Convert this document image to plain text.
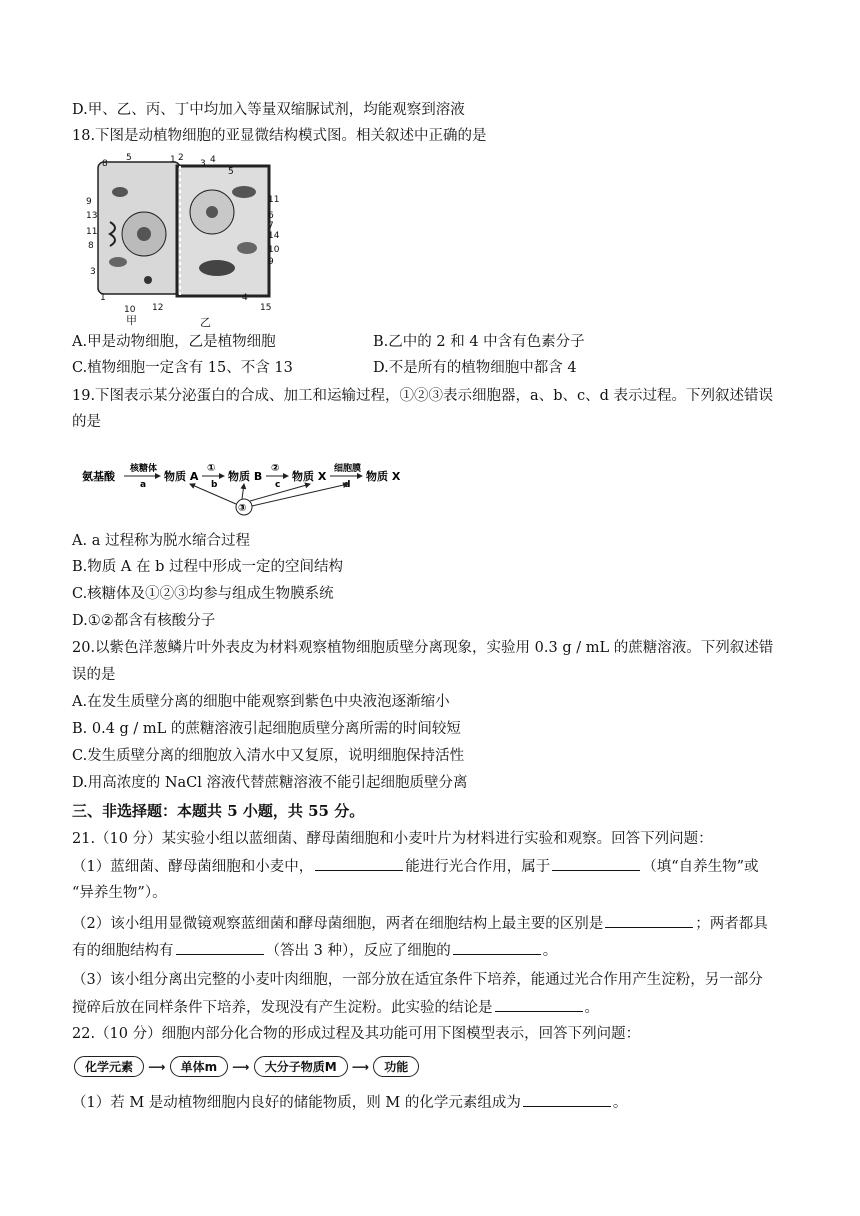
D.甲、乙、丙、丁中均加入等量双缩脲试剂，均能观察到溶液
18.下图是动植物细胞的亚显微结构模式图。相关叙述中正确的是
8
5
9
13
11
8
3
1
10 12
1 2
3 4
5
11
6
7
14
10
9
4
15
甲	乙
A.甲是动物细胞，乙是植物细胞	B.乙中的 2 和 4 中含有色素分子
C.植物细胞一定含有 15、不含 13	D.不是所有的植物细胞中都含 4
19.下图表示某分泌蛋白的合成、加工和运输过程，①②③表示细胞器，a、b、c、d 表示过程。下列叙述错误
的是
氨基酸
核糖体
a
物质 A
①
b
物质 B
②
c
物质 X
细胞膜
d
物质 X
③
A. a 过程称为脱水缩合过程
B.物质 A 在 b 过程中形成一定的空间结构
C.核糖体及①②③均参与组成生物膜系统
D.①②都含有核酸分子
20.以紫色洋葱鳞片叶外表皮为材料观察植物细胞质壁分离现象，实验用 0.3 g / mL 的蔗糖溶液。下列叙述错
误的是
A.在发生质壁分离的细胞中能观察到紫色中央液泡逐渐缩小
B. 0.4 g / mL 的蔗糖溶液引起细胞质壁分离所需的时间较短
C.发生质壁分离的细胞放入清水中又复原，说明细胞保持活性
D.用高浓度的 NaCl 溶液代替蔗糖溶液不能引起细胞质壁分离
三、非选择题：本题共 5 小题，共 55 分。
21.（10 分）某实验小组以蓝细菌、酵母菌细胞和小麦叶片为材料进行实验和观察。回答下列问题：
（1）蓝细菌、酵母菌细胞和小麦中，	能进行光合作用，属于	（填“自养生物”或
“异养生物”）。
（2）该小组用显微镜观察蓝细菌和酵母菌细胞，两者在细胞结构上最主要的区别是	；两者都具
有的细胞结构有	（答出 3 种），反应了细胞的	。
（3）该小组分离出完整的小麦叶肉细胞，一部分放在适宜条件下培养，能通过光合作用产生淀粉，另一部分
搅碎后放在同样条件下培养，发现没有产生淀粉。此实验的结论是	。
22.（10 分）细胞内部分化合物的形成过程及其功能可用下图模型表示，回答下列问题：
化学元素 ⟶ 单体m ⟶ 大分子物质M ⟶ 功能
（1）若 M 是动植物细胞内良好的储能物质，则 M 的化学元素组成为	。
